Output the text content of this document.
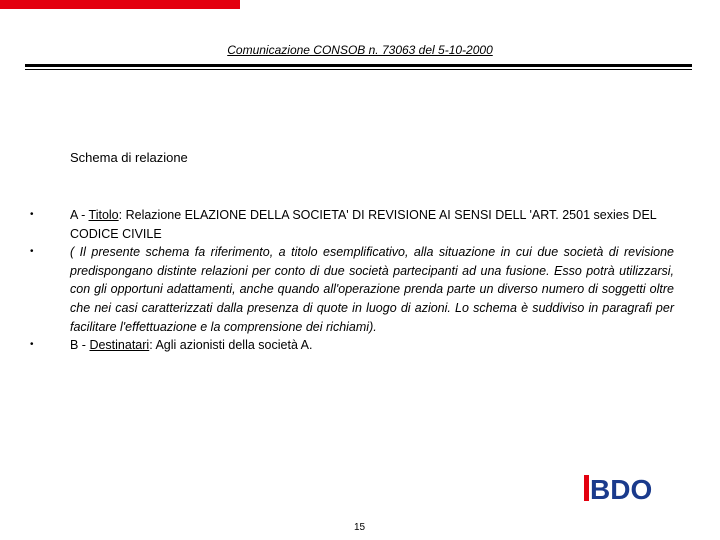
Comunicazione CONSOB n. 73063 del 5-10-2000
Schema di relazione
•	A - Titolo: Relazione ELAZIONE DELLA SOCIETA' DI REVISIONE AI SENSI DELL 'ART. 2501 sexies DEL CODICE CIVILE
•	( Il presente schema fa riferimento, a titolo esemplificativo, alla situazione in cui due società di revisione predispongano distinte relazioni per conto di due società partecipanti ad una fusione. Esso potrà utilizzarsi, con gli opportuni adattamenti, anche quando all'operazione prenda parte un diverso numero di soggetti oltre che nei casi caratterizzati dalla presenza di quote in luogo di azioni. Lo schema è suddiviso in paragrafi per facilitare l'effettuazione e la comprensione dei richiami).
•	B - Destinatari: Agli azionisti della società A.
BDO
15
